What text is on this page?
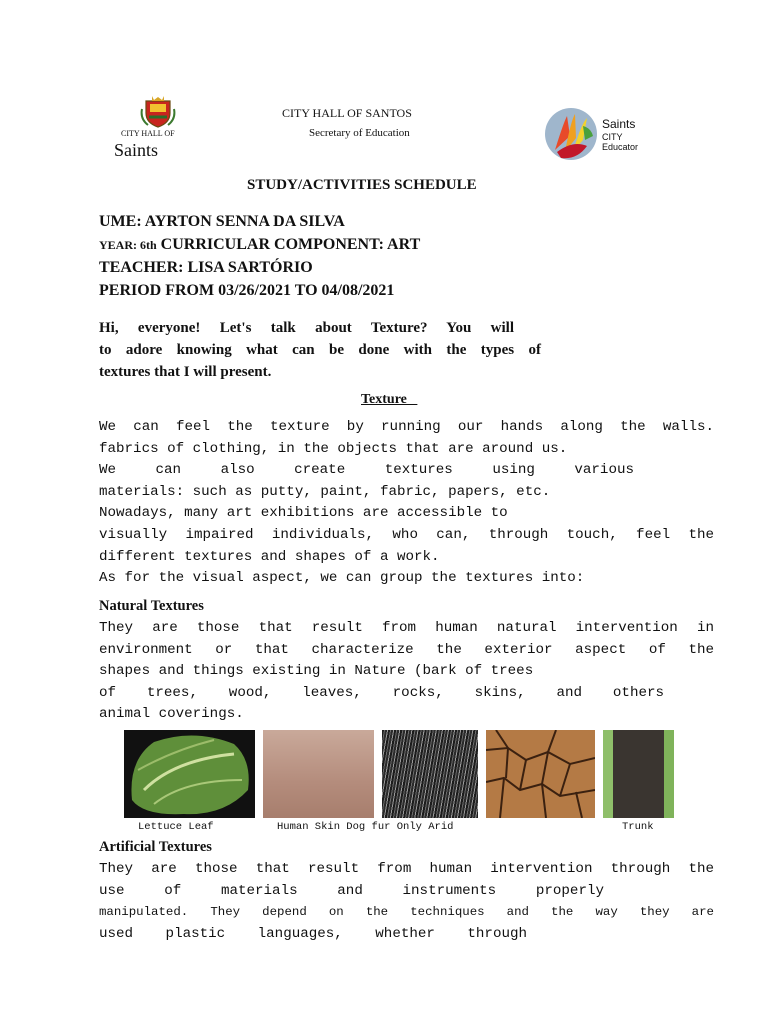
CITY HALL OF
Saints
CITY HALL OF SANTOS
Secretary of Education
Saints
CITY
Educator
STUDY/ACTIVITIES SCHEDULE
UME: AYRTON SENNA DA SILVA
YEAR: 6th CURRICULAR COMPONENT: ART
TEACHER: LISA SARTÓRIO
PERIOD FROM 03/26/2021 TO 04/08/2021
Hi, everyone! Let's talk about Texture? You will
to adore knowing what can be done with the types of
textures that I will present.
Texture
We can feel the texture by running our hands along the walls.
fabrics of clothing, in the objects that are around us.
We can also create textures using various
materials: such as putty, paint, fabric, papers, etc.
Nowadays, many art exhibitions are accessible to
visually impaired individuals, who can, through touch, feel the
different textures and shapes of a work.
As for the visual aspect, we can group the textures into:
Natural Textures
They are those that result from human natural intervention in
environment or that characterize the exterior aspect of the
shapes and things existing in Nature (bark of trees
of trees, wood, leaves, rocks, skins, and others
animal coverings.
Lettuce Leaf	Human Skin Dog fur Only Arid	Trunk
Artificial Textures
They are those that result from human intervention through the
use of materials and instruments properly
manipulated. They depend on the techniques and the way they are
used plastic languages, whether through
